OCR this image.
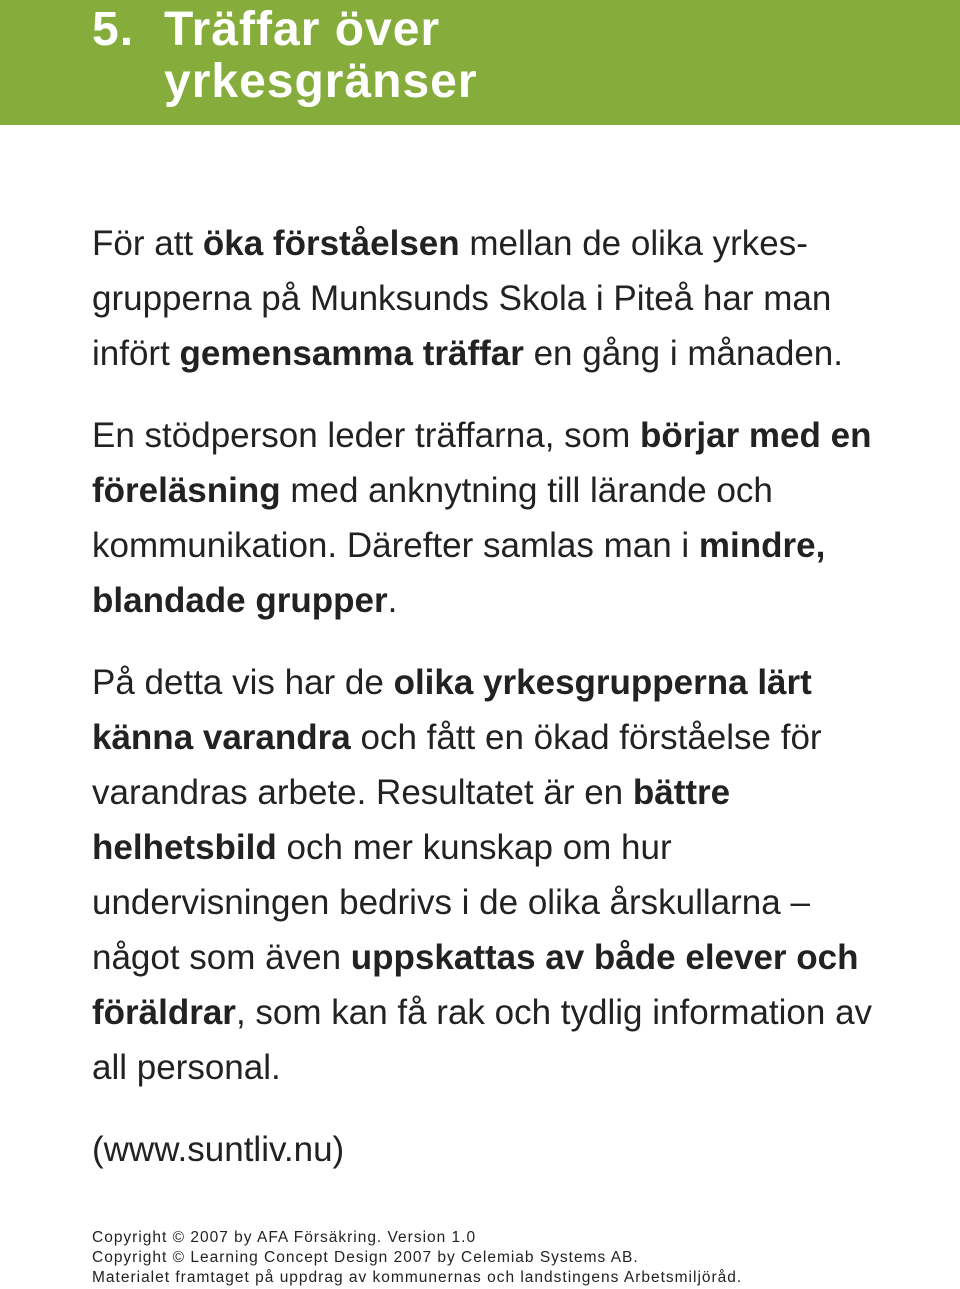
5. Träffar över
yrkesgränser

För att öka förståelsen mellan de olika yrkesgrupperna på Munksunds Skola i Piteå har man infört gemensamma träffar en gång i månaden.

En stödperson leder träffarna, som börjar med en föreläsning med anknytning till lärande och kommunikation. Därefter samlas man i mindre, blandade grupper.

På detta vis har de olika yrkesgrupperna lärt känna varandra och fått en ökad förståelse för varandras arbete. Resultatet är en bättre helhetsbild och mer kunskap om hur undervisningen bedrivs i de olika årskullarna – något som även uppskattas av både elever och föräldrar, som kan få rak och tydlig information av all personal.

(www.suntliv.nu)

Copyright © 2007 by AFA Försäkring. Version 1.0
Copyright © Learning Concept Design 2007 by Celemiab Systems AB.
Materialet framtaget på uppdrag av kommunernas och landstingens Arbetsmiljöråd.
